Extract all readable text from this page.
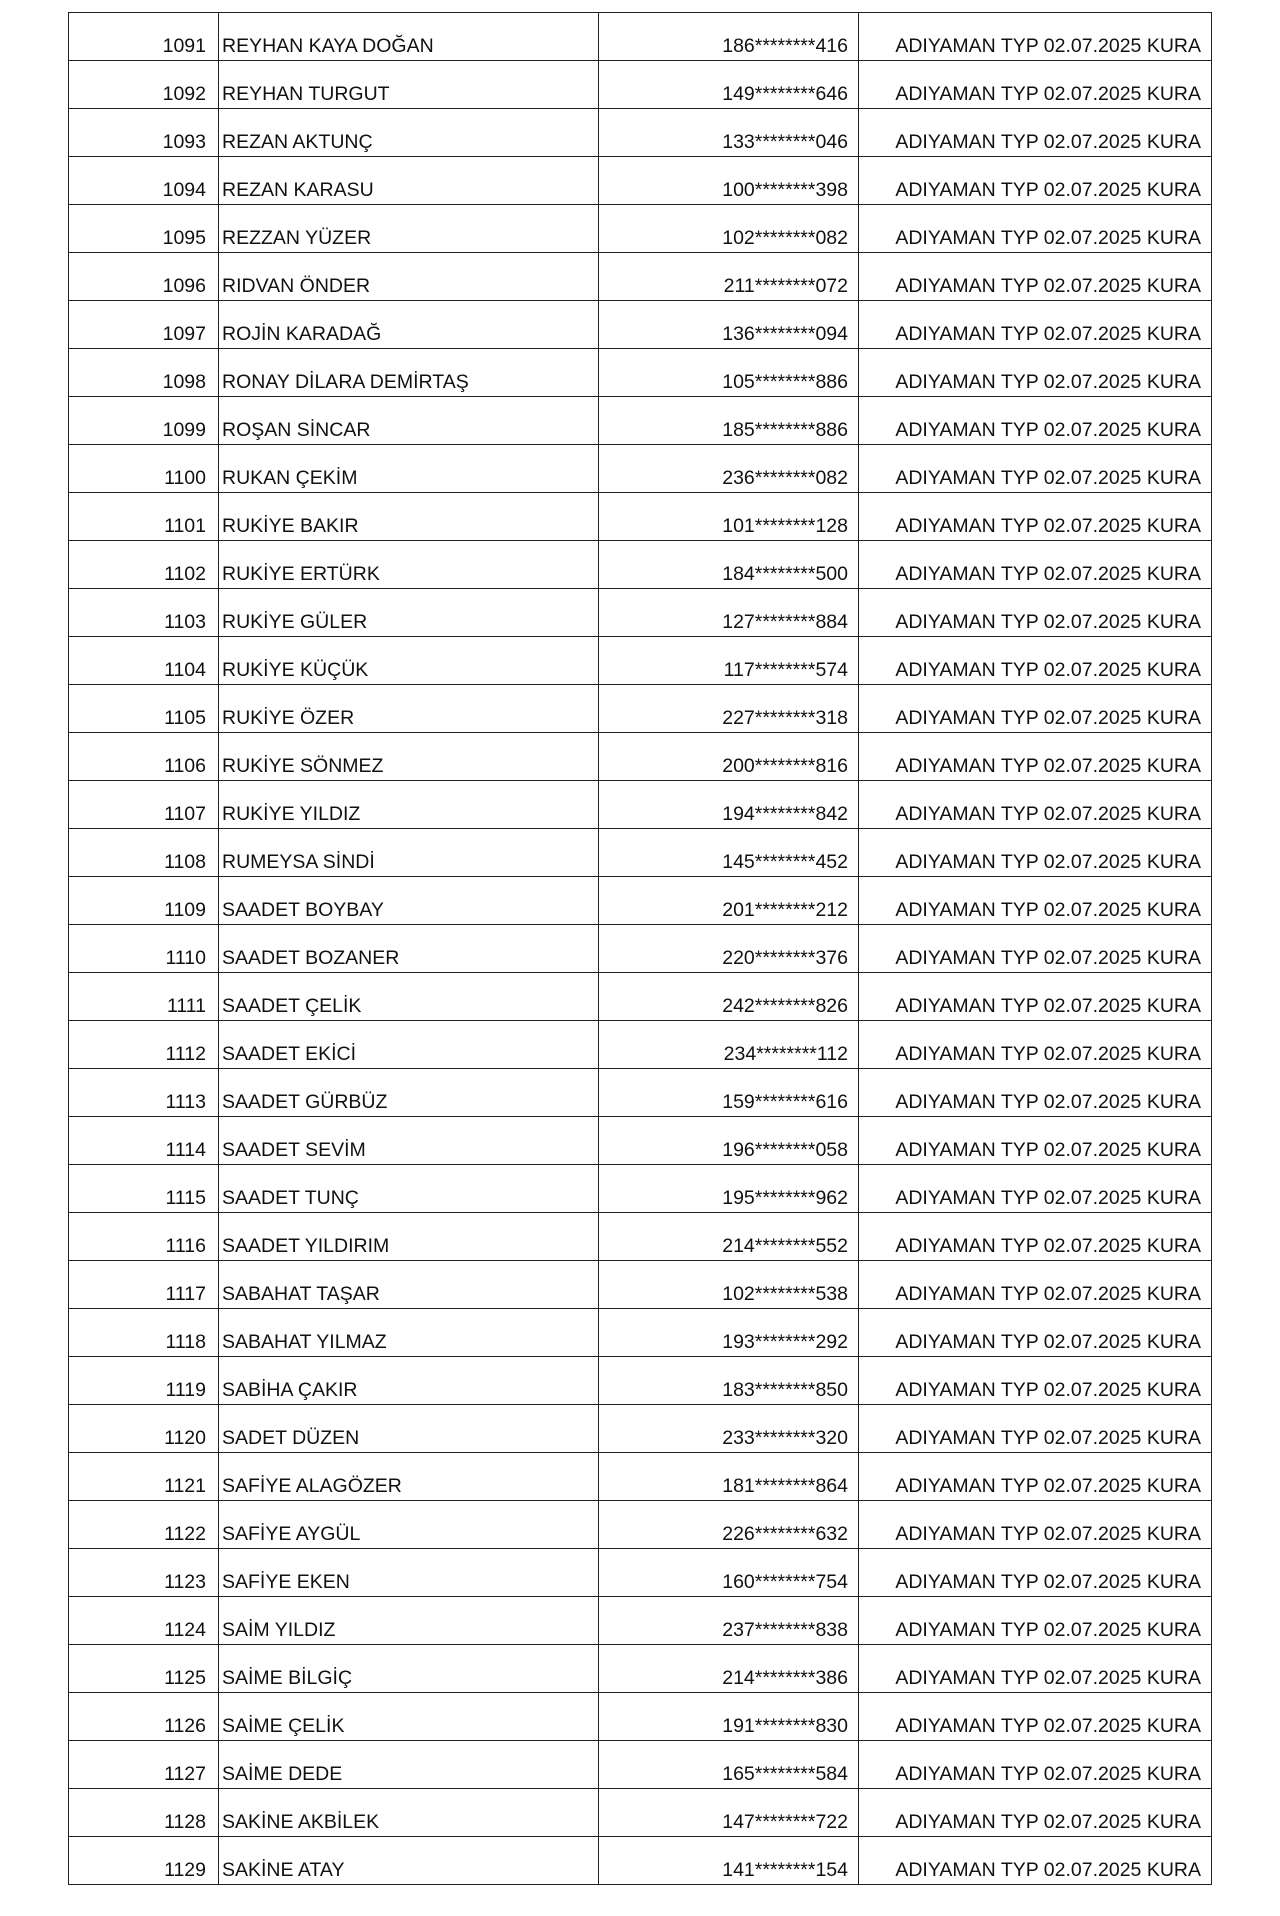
1091	REYHAN KAYA DOĞAN	186********416	ADIYAMAN TYP 02.07.2025 KURA
1092	REYHAN TURGUT	149********646	ADIYAMAN TYP 02.07.2025 KURA
1093	REZAN AKTUNÇ	133********046	ADIYAMAN TYP 02.07.2025 KURA
1094	REZAN KARASU	100********398	ADIYAMAN TYP 02.07.2025 KURA
1095	REZZAN YÜZER	102********082	ADIYAMAN TYP 02.07.2025 KURA
1096	RIDVAN ÖNDER	211********072	ADIYAMAN TYP 02.07.2025 KURA
1097	ROJİN KARADAĞ	136********094	ADIYAMAN TYP 02.07.2025 KURA
1098	RONAY DİLARA DEMİRTAŞ	105********886	ADIYAMAN TYP 02.07.2025 KURA
1099	ROŞAN SİNCAR	185********886	ADIYAMAN TYP 02.07.2025 KURA
1100	RUKAN ÇEKİM	236********082	ADIYAMAN TYP 02.07.2025 KURA
1101	RUKİYE BAKIR	101********128	ADIYAMAN TYP 02.07.2025 KURA
1102	RUKİYE ERTÜRK	184********500	ADIYAMAN TYP 02.07.2025 KURA
1103	RUKİYE GÜLER	127********884	ADIYAMAN TYP 02.07.2025 KURA
1104	RUKİYE KÜÇÜK	117********574	ADIYAMAN TYP 02.07.2025 KURA
1105	RUKİYE ÖZER	227********318	ADIYAMAN TYP 02.07.2025 KURA
1106	RUKİYE SÖNMEZ	200********816	ADIYAMAN TYP 02.07.2025 KURA
1107	RUKİYE YILDIZ	194********842	ADIYAMAN TYP 02.07.2025 KURA
1108	RUMEYSA SİNDİ	145********452	ADIYAMAN TYP 02.07.2025 KURA
1109	SAADET BOYBAY	201********212	ADIYAMAN TYP 02.07.2025 KURA
1110	SAADET BOZANER	220********376	ADIYAMAN TYP 02.07.2025 KURA
1111	SAADET ÇELİK	242********826	ADIYAMAN TYP 02.07.2025 KURA
1112	SAADET EKİCİ	234********112	ADIYAMAN TYP 02.07.2025 KURA
1113	SAADET GÜRBÜZ	159********616	ADIYAMAN TYP 02.07.2025 KURA
1114	SAADET SEVİM	196********058	ADIYAMAN TYP 02.07.2025 KURA
1115	SAADET TUNÇ	195********962	ADIYAMAN TYP 02.07.2025 KURA
1116	SAADET YILDIRIM	214********552	ADIYAMAN TYP 02.07.2025 KURA
1117	SABAHAT TAŞAR	102********538	ADIYAMAN TYP 02.07.2025 KURA
1118	SABAHAT YILMAZ	193********292	ADIYAMAN TYP 02.07.2025 KURA
1119	SABİHA ÇAKIR	183********850	ADIYAMAN TYP 02.07.2025 KURA
1120	SADET DÜZEN	233********320	ADIYAMAN TYP 02.07.2025 KURA
1121	SAFİYE ALAGÖZER	181********864	ADIYAMAN TYP 02.07.2025 KURA
1122	SAFİYE AYGÜL	226********632	ADIYAMAN TYP 02.07.2025 KURA
1123	SAFİYE EKEN	160********754	ADIYAMAN TYP 02.07.2025 KURA
1124	SAİM YILDIZ	237********838	ADIYAMAN TYP 02.07.2025 KURA
1125	SAİME BİLGİÇ	214********386	ADIYAMAN TYP 02.07.2025 KURA
1126	SAİME ÇELİK	191********830	ADIYAMAN TYP 02.07.2025 KURA
1127	SAİME DEDE	165********584	ADIYAMAN TYP 02.07.2025 KURA
1128	SAKİNE AKBİLEK	147********722	ADIYAMAN TYP 02.07.2025 KURA
1129	SAKİNE ATAY	141********154	ADIYAMAN TYP 02.07.2025 KURA
